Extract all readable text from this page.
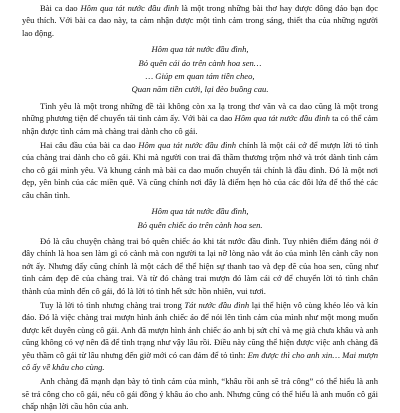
Bài ca dao Hôm qua tát nước đầu đình là một trong những bài thơ hay được đông đảo bạn đọc yêu thích. Với bài ca dao này, ta cảm nhận được một tình cảm trong sáng, thiết tha của những người lao động.

Hôm qua tát nước đầu đình,

Bỏ quên cái áo trên cành hoa sen…

… Giúp em quan tám tiền cheo,

Quan năm tiền cưới, lại đèo buồng cau.

Tình yêu là một trong những đề tài không còn xa lạ trong thơ văn và ca dao cũng là một trong những phương tiện để chuyển tải tình cảm ấy. Với bài ca dao Hôm qua tát nước đầu đình ta có thể cảm nhận được tình cảm mà chàng trai dành cho cô gái.

Hai câu đầu của bài ca dao Hôm qua tát nước đầu đình chính là một cái cớ để mượn lời tỏ tình của chàng trai dành cho cô gái. Khi mà người con trai đã thầm thương trộm nhớ và trót dành tình cảm cho cô gái mình yêu. Và khung cảnh mà bài ca dao muốn chuyển tải chính là đầu đình. Đó là một nơi đẹp, yên bình của các miền quê. Và cũng chính nơi đây là điểm hẹn hò của các đôi lứa để thổ thẻ các câu chân tình.

Hôm qua tát nước đầu đình,

Bỏ quên chiếc áo trên cành hoa sen.

Đó là câu chuyện chàng trai bỏ quên chiếc áo khi tát nước đầu đình. Tuy nhiên điểm đáng nói ở đây chính là hoa sen làm gì có cành mà con người ta lại nỡ lòng nào vắt áo của mình lên cành cây non nớt ấy. Nhưng đấy cũng chính là một cách để thể hiện sự thanh tao và đẹp đẽ của hoa sen, cũng như tình cảm đẹp đẽ của chàng trai. Và từ đó chàng trai mượn đó làm cái cớ để chuyển lời tỏ tình chân thành của mình đến cô gái, đó là lời tỏ tình hết sức hồn nhiên, vui tươi.

Tuy là lời tỏ tình nhưng chàng trai trong Tát nước đầu đình lại thể hiện vô cùng khéo léo và kín đáo. Đó là việc chàng trai mượn hình ảnh chiếc áo để nói lên tình cảm của mình như một mong muốn được kết duyên cùng cô gái. Anh đã mượn hình ảnh chiếc áo anh bị sứt chỉ và mẹ già chưa khâu và anh cũng không có vợ nên đã để tình trạng như vậy lâu rồi. Điều này cũng thể hiện được việc anh chàng đã yêu thầm cô gái từ lâu nhưng đến giờ mới có can đảm để tỏ tình: Em được thì cho anh xin… Mai mượn cô ấy về khâu cho cùng.

Anh chàng đã mạnh dạn bày tỏ tình cảm của mình, “khâu rồi anh sẽ trả công” có thể hiểu là anh sẽ trả công cho cô gái, nếu cô gái đồng ý khâu áo cho anh. Nhưng cũng có thể hiểu là anh muốn cô gái chấp nhận lời cầu hôn của anh.
